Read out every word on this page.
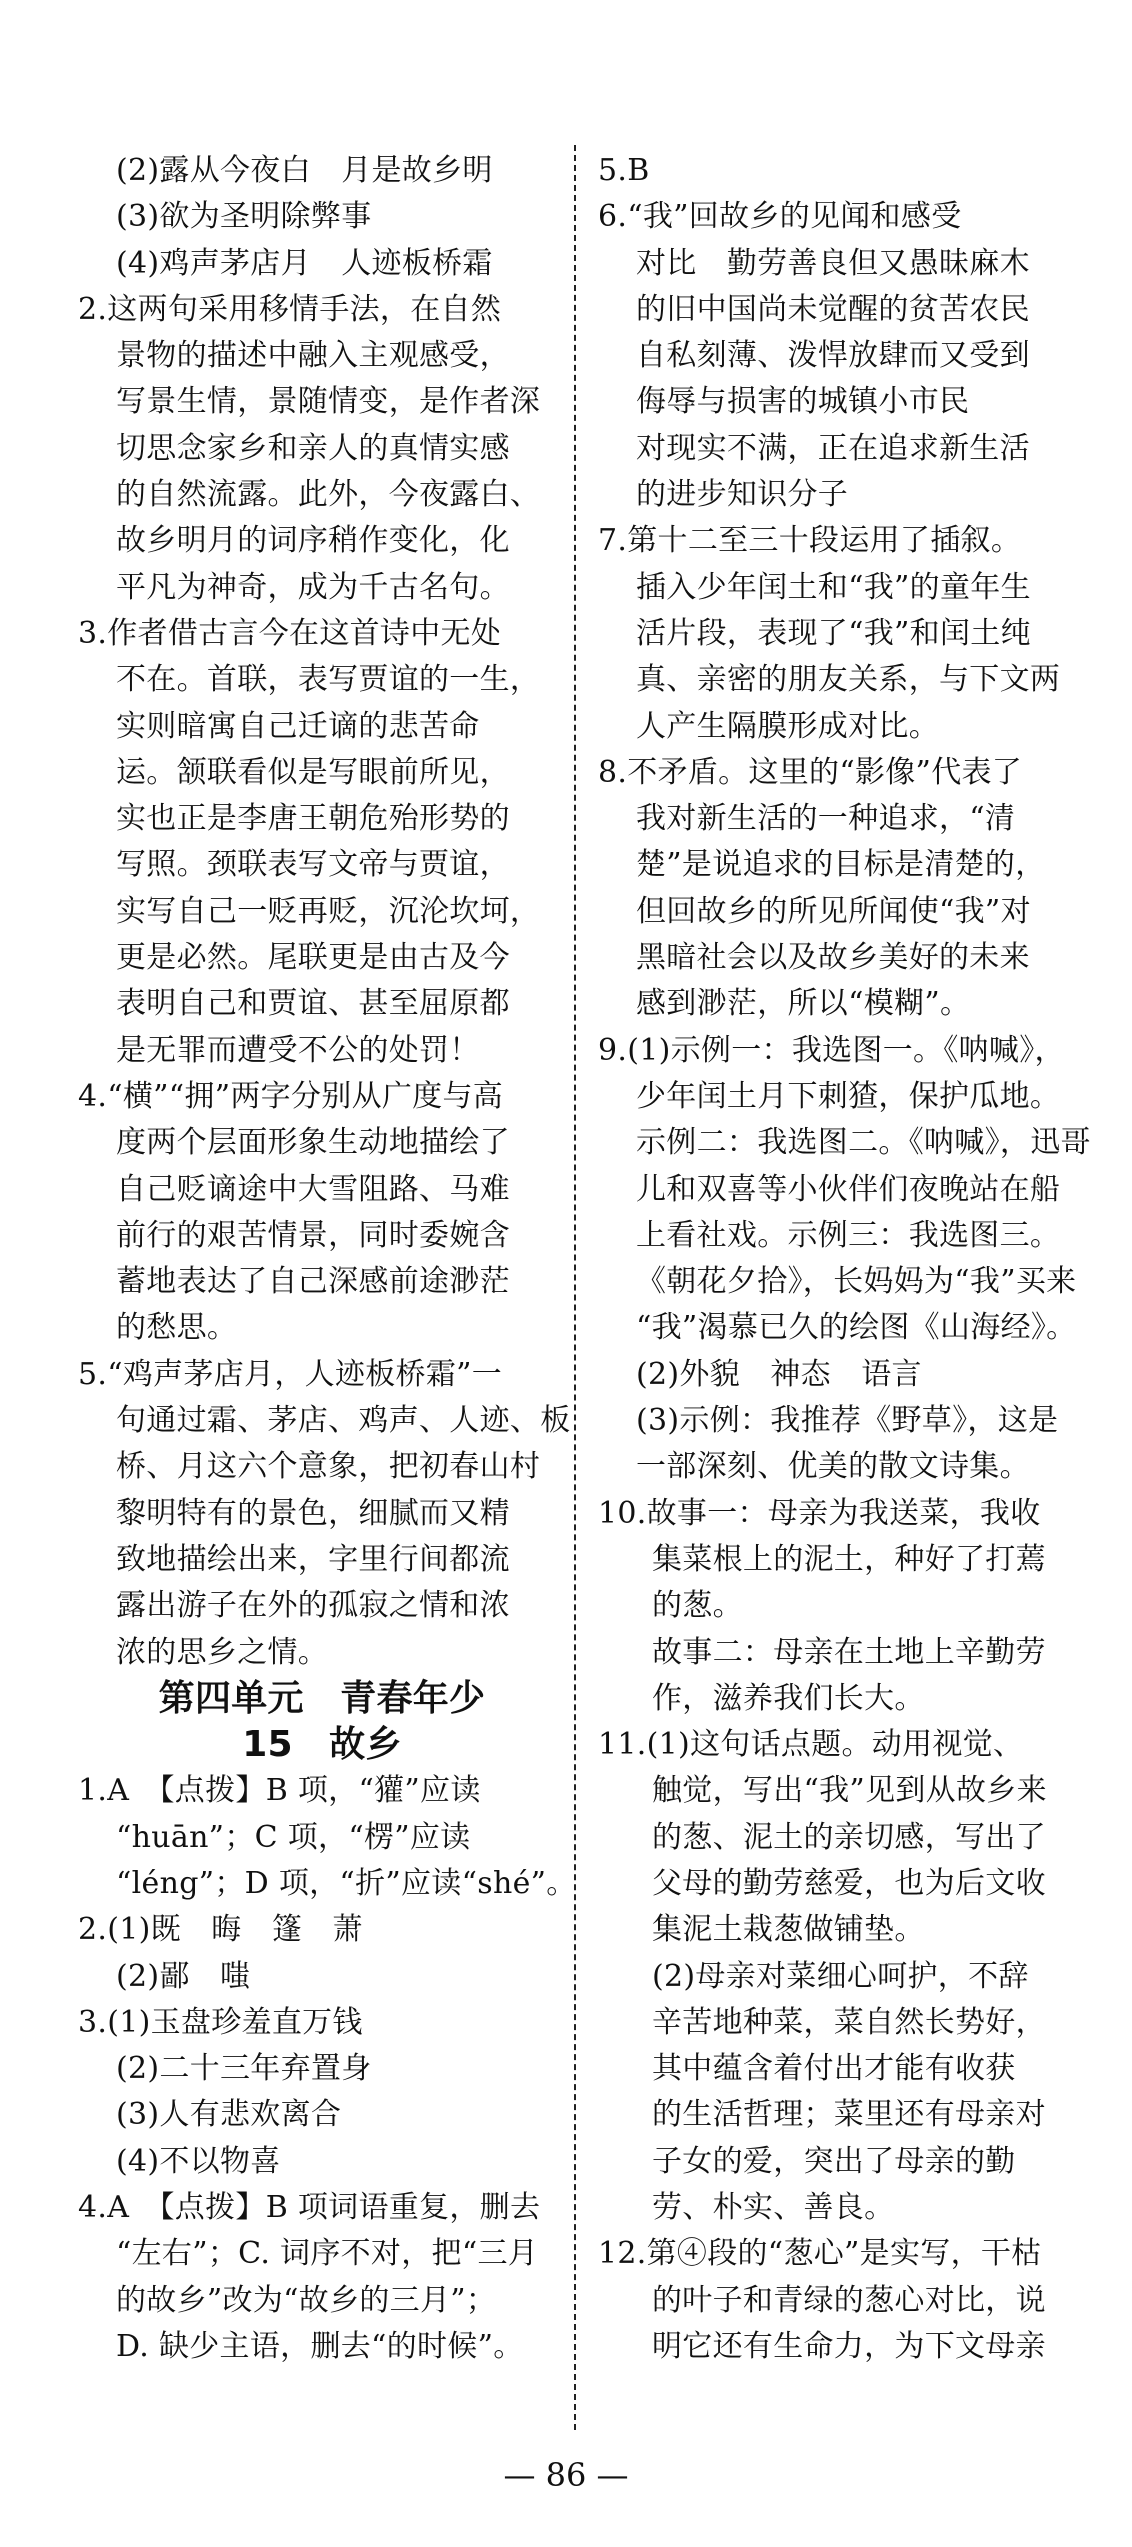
(2)露从今夜白　月是故乡明
(3)欲为圣明除弊事
(4)鸡声茅店月　人迹板桥霜
2.这两句采用移情手法，在自然
景物的描述中融入主观感受，
写景生情，景随情变，是作者深
切思念家乡和亲人的真情实感
的自然流露。此外，今夜露白、
故乡明月的词序稍作变化，化
平凡为神奇，成为千古名句。
3.作者借古言今在这首诗中无处
不在。首联，表写贾谊的一生，
实则暗寓自己迁谪的悲苦命
运。颔联看似是写眼前所见，
实也正是李唐王朝危殆形势的
写照。颈联表写文帝与贾谊，
实写自己一贬再贬，沉沦坎坷，
更是必然。尾联更是由古及今
表明自己和贾谊、甚至屈原都
是无罪而遭受不公的处罚！
4.“横”“拥”两字分别从广度与高
度两个层面形象生动地描绘了
自己贬谪途中大雪阻路、马难
前行的艰苦情景，同时委婉含
蓄地表达了自己深感前途渺茫
的愁思。
5.“鸡声茅店月，人迹板桥霜”一
句通过霜、茅店、鸡声、人迹、板
桥、月这六个意象，把初春山村
黎明特有的景色，细腻而又精
致地描绘出来，字里行间都流
露出游子在外的孤寂之情和浓
浓的思乡之情。
第四单元　青春年少
15　故乡
1.A　【点拨】B 项，“獾”应读
“huān”；C 项，“楞”应读
“léng”；D 项，“折”应读“shé”。
2.(1)既　晦　篷　萧
(2)鄙　嗤
3.(1)玉盘珍羞直万钱
(2)二十三年弃置身
(3)人有悲欢离合
(4)不以物喜
4.A　【点拨】B 项词语重复，删去
“左右”；C. 词序不对，把“三月
的故乡”改为“故乡的三月”；
D. 缺少主语，删去“的时候”。
5.B
6.“我”回故乡的见闻和感受
对比　勤劳善良但又愚昧麻木
的旧中国尚未觉醒的贫苦农民
自私刻薄、泼悍放肆而又受到
侮辱与损害的城镇小市民
对现实不满，正在追求新生活
的进步知识分子
7.第十二至三十段运用了插叙。
插入少年闰土和“我”的童年生
活片段，表现了“我”和闰土纯
真、亲密的朋友关系，与下文两
人产生隔膜形成对比。
8.不矛盾。这里的“影像”代表了
我对新生活的一种追求，“清
楚”是说追求的目标是清楚的，
但回故乡的所见所闻使“我”对
黑暗社会以及故乡美好的未来
感到渺茫，所以“模糊”。
9.(1)示例一：我选图一。《呐喊》，
少年闰土月下刺猹，保护瓜地。
示例二：我选图二。《呐喊》，迅哥
儿和双喜等小伙伴们夜晚站在船
上看社戏。示例三：我选图三。
《朝花夕拾》，长妈妈为“我”买来
“我”渴慕已久的绘图《山海经》。
(2)外貌　神态　语言
(3)示例：我推荐《野草》，这是
一部深刻、优美的散文诗集。
10.故事一：母亲为我送菜，我收
集菜根上的泥土，种好了打蔫
的葱。
故事二：母亲在土地上辛勤劳
作，滋养我们长大。
11.(1)这句话点题。动用视觉、
触觉，写出“我”见到从故乡来
的葱、泥土的亲切感，写出了
父母的勤劳慈爱，也为后文收
集泥土栽葱做铺垫。
(2)母亲对菜细心呵护，不辞
辛苦地种菜，菜自然长势好，
其中蕴含着付出才能有收获
的生活哲理；菜里还有母亲对
子女的爱，突出了母亲的勤
劳、朴实、善良。
12.第④段的“葱心”是实写，干枯
的叶子和青绿的葱心对比，说
明它还有生命力，为下文母亲
— 86 —
